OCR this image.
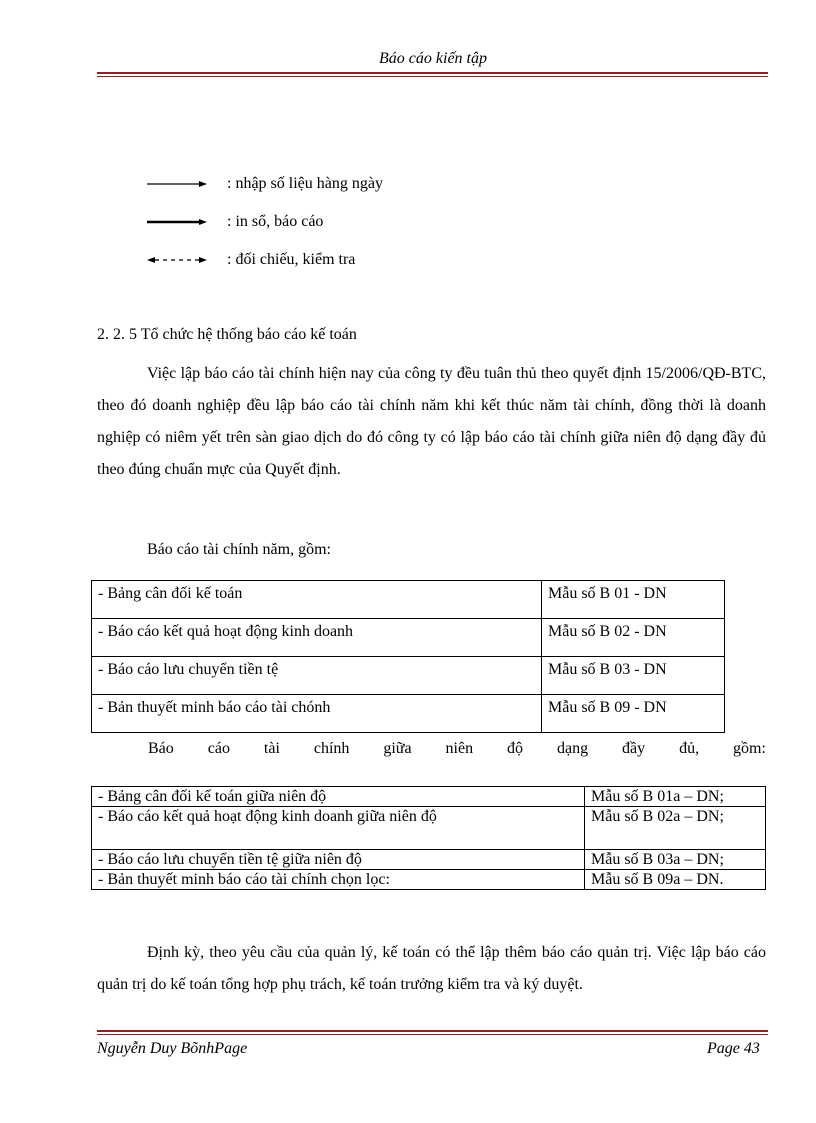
Báo cáo kiến tập
: nhập số liệu hàng ngày
: in sổ, báo cáo
: đối chiếu, kiểm tra
2. 2. 5 Tổ chức hệ thống báo cáo kế toán
Việc lập báo cáo tài chính hiện nay của công ty đều tuân thủ theo quyết định 15/2006/QĐ-BTC, theo đó doanh nghiệp đều lập báo cáo tài chính năm khi kết thúc năm tài chính, đồng thời là doanh nghiệp có niêm yết trên sàn giao dịch do đó công ty có lập báo cáo tài chính giữa niên độ dạng đầy đủ theo đúng chuẩn mực của Quyết định.
Báo cáo tài chính năm, gồm:
- Bảng cân đối kế toán	Mẫu số B 01 - DN
- Báo cáo kết quả hoạt động kinh doanh	Mẫu số B 02 - DN
- Báo cáo lưu chuyển tiền tệ	Mẫu số B 03 - DN
- Bản thuyết minh báo cáo tài chónh	Mẫu số B 09 - DN
Báo cáo tài chính giữa niên độ dạng đầy đủ, gồm:
- Bảng cân đối kế toán giữa niên độ	Mẫu số B 01a – DN;
- Báo cáo kết quả hoạt động kinh doanh giữa niên độ	Mẫu số B 02a – DN;
- Báo cáo lưu chuyển tiền tệ giữa niên độ	Mẫu số B 03a – DN;
- Bản thuyết minh báo cáo tài chính chọn lọc:	Mẫu số B 09a – DN.
Định kỳ, theo yêu cầu của quản lý, kế toán có thể lập thêm báo cáo quản trị. Việc lập báo cáo quản trị do kế toán tổng hợp phụ trách, kế toán trưởng kiểm tra và ký duyệt.
Nguyễn Duy BõnhPage	Page 43
